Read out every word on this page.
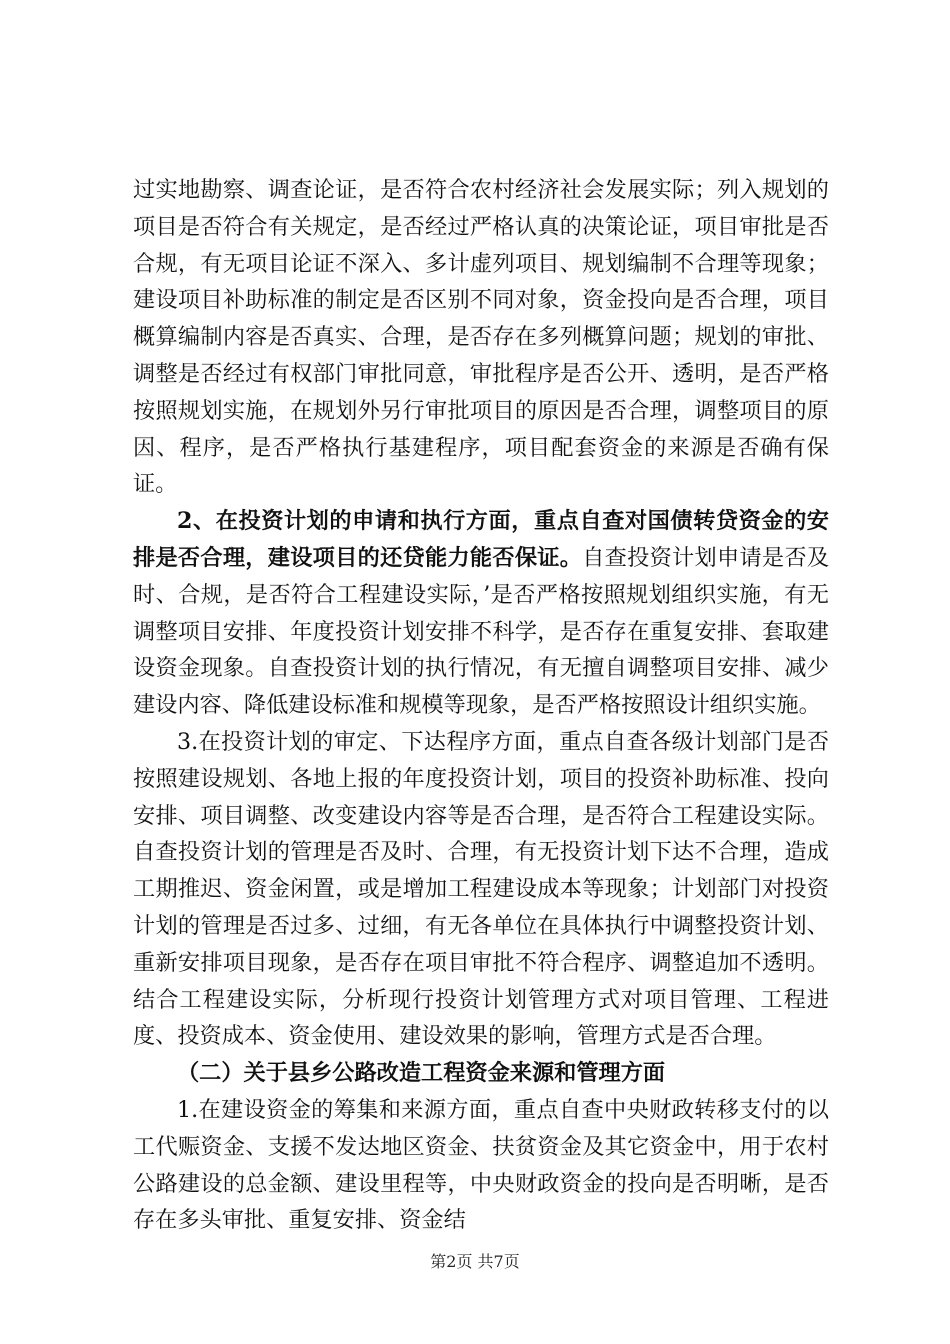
过实地勘察、调查论证，是否符合农村经济社会发展实际；列入规划的项目是否符合有关规定，是否经过严格认真的决策论证，项目审批是否合规，有无项目论证不深入、多计虚列项目、规划编制不合理等现象；建设项目补助标准的制定是否区别不同对象，资金投向是否合理，项目概算编制内容是否真实、合理，是否存在多列概算问题；规划的审批、调整是否经过有权部门审批同意，审批程序是否公开、透明，是否严格按照规划实施，在规划外另行审批项目的原因是否合理，调整项目的原因、程序，是否严格执行基建程序，项目配套资金的来源是否确有保证。

2、在投资计划的申请和执行方面，重点自查对国债转贷资金的安排是否合理，建设项目的还贷能力能否保证。自查投资计划申请是否及时、合规，是否符合工程建设实际，’是否严格按照规划组织实施，有无调整项目安排、年度投资计划安排不科学，是否存在重复安排、套取建设资金现象。自查投资计划的执行情况，有无擅自调整项目安排、减少建设内容、降低建设标准和规模等现象，是否严格按照设计组织实施。

3.在投资计划的审定、下达程序方面，重点自查各级计划部门是否按照建设规划、各地上报的年度投资计划，项目的投资补助标准、投向安排、项目调整、改变建设内容等是否合理，是否符合工程建设实际。自查投资计划的管理是否及时、合理，有无投资计划下达不合理，造成工期推迟、资金闲置，或是增加工程建设成本等现象；计划部门对投资计划的管理是否过多、过细，有无各单位在具体执行中调整投资计划、重新安排项目现象，是否存在项目审批不符合程序、调整追加不透明。结合工程建设实际，分析现行投资计划管理方式对项目管理、工程进度、投资成本、资金使用、建设效果的影响，管理方式是否合理。

（二）关于县乡公路改造工程资金来源和管理方面

1.在建设资金的筹集和来源方面，重点自查中央财政转移支付的以工代赈资金、支援不发达地区资金、扶贫资金及其它资金中，用于农村公路建设的总金额、建设里程等，中央财政资金的投向是否明晰，是否存在多头审批、重复安排、资金结

第2页 共7页
